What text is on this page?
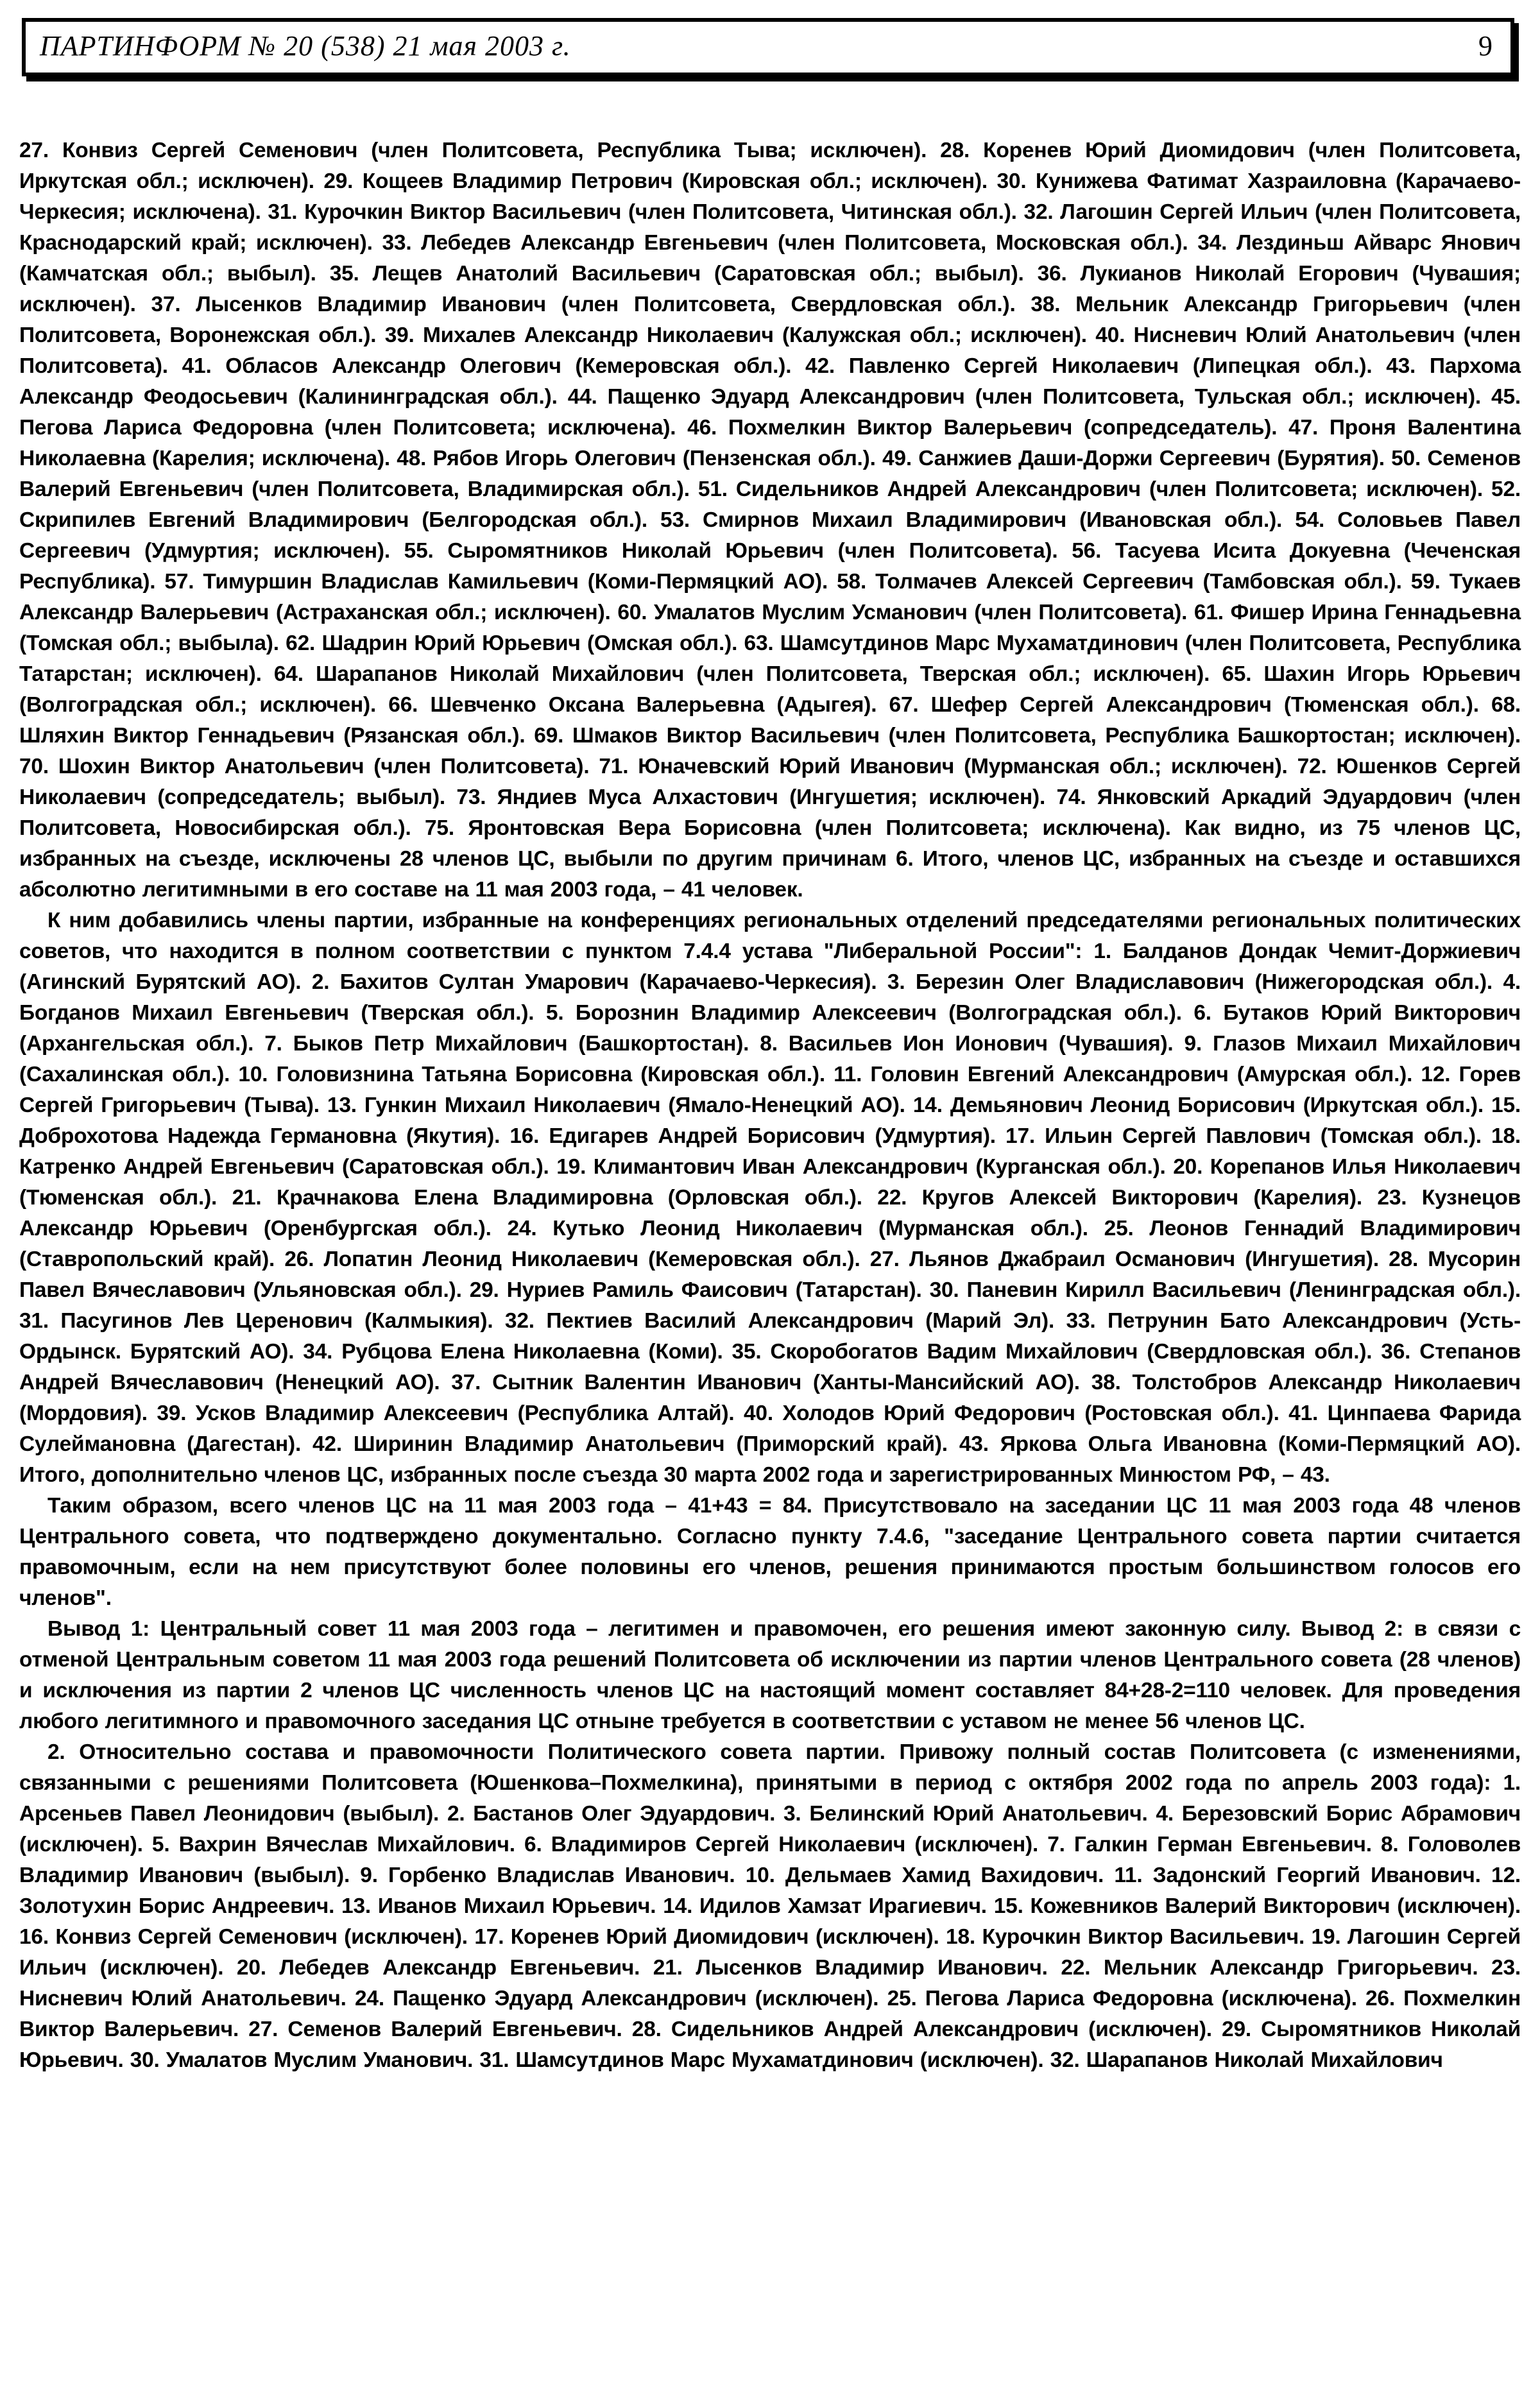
ПАРТИНФОРМ № 20 (538) 21 мая 2003 г.	9

27. Конвиз Сергей Семенович (член Политсовета, Республика Тыва; исключен). 28. Коренев Юрий Диомидович (член Политсовета, Иркутская обл.; исключен). 29. Кощеев Владимир Петрович (Кировская обл.; исключен). 30. Кунижева Фатимат Хазраиловна (Карачаево-Черкесия; исключена). 31. Курочкин Виктор Васильевич (член Политсовета, Читинская обл.). 32. Лагошин Сергей Ильич (член Политсовета, Краснодарский край; исключен). 33. Лебедев Александр Евгеньевич (член Политсовета, Московская обл.). 34. Лездиньш Айварс Янович (Камчатская обл.; выбыл). 35. Лещев Анатолий Васильевич (Саратовская обл.; выбыл). 36. Лукианов Николай Егорович (Чувашия; исключен). 37. Лысенков Владимир Иванович (член Политсовета, Свердловская обл.). 38. Мельник Александр Григорьевич (член Политсовета, Воронежская обл.). 39. Михалев Александр Николаевич (Калужская обл.; исключен). 40. Нисневич Юлий Анатольевич (член Политсовета). 41. Обласов Александр Олегович (Кемеровская обл.). 42. Павленко Сергей Николаевич (Липецкая обл.). 43. Пархома Александр Феодосьевич (Калининградская обл.). 44. Пащенко Эдуард Александрович (член Политсовета, Тульская обл.; исключен). 45. Пегова Лариса Федоровна (член Политсовета; исключена). 46. Похмелкин Виктор Валерьевич (сопредседатель). 47. Проня Валентина Николаевна (Карелия; исключена). 48. Рябов Игорь Олегович (Пензенская обл.). 49. Санжиев Даши-Доржи Сергеевич (Бурятия). 50. Семенов Валерий Евгеньевич (член Политсовета, Владимирская обл.). 51. Сидельников Андрей Александрович (член Политсовета; исключен). 52. Скрипилев Евгений Владимирович (Белгородская обл.). 53. Смирнов Михаил Владимирович (Ивановская обл.). 54. Соловьев Павел Сергеевич (Удмуртия; исключен). 55. Сыромятников Николай Юрьевич (член Политсовета). 56. Тасуева Исита Докуевна (Чеченская Республика). 57. Тимуршин Владислав Камильевич (Коми-Пермяцкий АО). 58. Толмачев Алексей Сергеевич (Тамбовская обл.). 59. Тукаев Александр Валерьевич (Астраханская обл.; исключен). 60. Умалатов Муслим Усманович (член Политсовета). 61. Фишер Ирина Геннадьевна (Томская обл.; выбыла). 62. Шадрин Юрий Юрьевич (Омская обл.). 63. Шамсутдинов Марс Мухаматдинович (член Политсовета, Республика Татарстан; исключен). 64. Шарапанов Николай Михайлович (член Политсовета, Тверская обл.; исключен). 65. Шахин Игорь Юрьевич (Волгоградская обл.; исключен). 66. Шевченко Оксана Валерьевна (Адыгея). 67. Шефер Сергей Александрович (Тюменская обл.). 68. Шляхин Виктор Геннадьевич (Рязанская обл.). 69. Шмаков Виктор Васильевич (член Политсовета, Республика Башкортостан; исключен). 70. Шохин Виктор Анатольевич (член Политсовета). 71. Юначевский Юрий Иванович (Мурманская обл.; исключен). 72. Юшенков Сергей Николаевич (сопредседатель; выбыл). 73. Яндиев Муса Алхастович (Ингушетия; исключен). 74. Янковский Аркадий Эдуардович (член Политсовета, Новосибирская обл.). 75. Яронтовская Вера Борисовна (член Политсовета; исключена). Как видно, из 75 членов ЦС, избранных на съезде, исключены 28 членов ЦС, выбыли по другим причинам 6. Итого, членов ЦС, избранных на съезде и оставшихся абсолютно легитимными в его составе на 11 мая 2003 года, – 41 человек.

К ним добавились члены партии, избранные на конференциях региональных отделений председателями региональных политических советов, что находится в полном соответствии с пунктом 7.4.4 устава "Либеральной России": 1. Балданов Дондак Чемит-Доржиевич (Агинский Бурятский АО). 2. Бахитов Султан Умарович (Карачаево-Черкесия). 3. Березин Олег Владиславович (Нижегородская обл.). 4. Богданов Михаил Евгеньевич (Тверская обл.). 5. Борознин Владимир Алексеевич (Волгоградская обл.). 6. Бутаков Юрий Викторович (Архангельская обл.). 7. Быков Петр Михайлович (Башкортостан). 8. Васильев Ион Ионович (Чувашия). 9. Глазов Михаил Михайлович (Сахалинская обл.). 10. Головизнина Татьяна Борисовна (Кировская обл.). 11. Головин Евгений Александрович (Амурская обл.). 12. Горев Сергей Григорьевич (Тыва). 13. Гункин Михаил Николаевич (Ямало-Ненецкий АО). 14. Демьянович Леонид Борисович (Иркутская обл.). 15. Доброхотова Надежда Германовна (Якутия). 16. Едигарев Андрей Борисович (Удмуртия). 17. Ильин Сергей Павлович (Томская обл.). 18. Катренко Андрей Евгеньевич (Саратовская обл.). 19. Климантович Иван Александрович (Курганская обл.). 20. Корепанов Илья Николаевич (Тюменская обл.). 21. Крачнакова Елена Владимировна (Орловская обл.). 22. Кругов Алексей Викторович (Карелия). 23. Кузнецов Александр Юрьевич (Оренбургская обл.). 24. Кутько Леонид Николаевич (Мурманская обл.). 25. Леонов Геннадий Владимирович (Ставропольский край). 26. Лопатин Леонид Николаевич (Кемеровская обл.). 27. Льянов Джабраил Османович (Ингушетия). 28. Мусорин Павел Вячеславович (Ульяновская обл.). 29. Нуриев Рамиль Фаисович (Татарстан). 30. Паневин Кирилл Васильевич (Ленинградская обл.). 31. Пасугинов Лев Церенович (Калмыкия). 32. Пектиев Василий Александрович (Марий Эл). 33. Петрунин Бато Александрович (Усть-Ордынск. Бурятский АО). 34. Рубцова Елена Николаевна (Коми). 35. Скоробогатов Вадим Михайлович (Свердловская обл.). 36. Степанов Андрей Вячеславович (Ненецкий АО). 37. Сытник Валентин Иванович (Ханты-Мансийский АО). 38. Толстобров Александр Николаевич (Мордовия). 39. Усков Владимир Алексеевич (Республика Алтай). 40. Холодов Юрий Федорович (Ростовская обл.). 41. Цинпаева Фарида Сулеймановна (Дагестан). 42. Ширинин Владимир Анатольевич (Приморский край). 43. Яркова Ольга Ивановна (Коми-Пермяцкий АО). Итого, дополнительно членов ЦС, избранных после съезда 30 марта 2002 года и зарегистрированных Минюстом РФ, – 43.

Таким образом, всего членов ЦС на 11 мая 2003 года – 41+43 = 84. Присутствовало на заседании ЦС 11 мая 2003 года 48 членов Центрального совета, что подтверждено документально. Согласно пункту 7.4.6, "заседание Центрального совета партии считается правомочным, если на нем присутствуют более половины его членов, решения принимаются простым большинством голосов его членов".

Вывод 1: Центральный совет 11 мая 2003 года – легитимен и правомочен, его решения имеют законную силу. Вывод 2: в связи с отменой Центральным советом 11 мая 2003 года решений Политсовета об исключении из партии членов Центрального совета (28 членов) и исключения из партии 2 членов ЦС численность членов ЦС на настоящий момент составляет 84+28-2=110 человек. Для проведения любого легитимного и правомочного заседания ЦС отныне требуется в соответствии с уставом не менее 56 членов ЦС.

2. Относительно состава и правомочности Политического совета партии. Привожу полный состав Политсовета (с изменениями, связанными с решениями Политсовета (Юшенкова–Похмелкина), принятыми в период с октября 2002 года по апрель 2003 года): 1. Арсеньев Павел Леонидович (выбыл). 2. Бастанов Олег Эдуардович. 3. Белинский Юрий Анатольевич. 4. Березовский Борис Абрамович (исключен). 5. Вахрин Вячеслав Михайлович. 6. Владимиров Сергей Николаевич (исключен). 7. Галкин Герман Евгеньевич. 8. Головолев Владимир Иванович (выбыл). 9. Горбенко Владислав Иванович. 10. Дельмаев Хамид Вахидович. 11. Задонский Георгий Иванович. 12. Золотухин Борис Андреевич. 13. Иванов Михаил Юрьевич. 14. Идилов Хамзат Ирагиевич. 15. Кожевников Валерий Викторович (исключен). 16. Конвиз Сергей Семенович (исключен). 17. Коренев Юрий Диомидович (исключен). 18. Курочкин Виктор Васильевич. 19. Лагошин Сергей Ильич (исключен). 20. Лебедев Александр Евгеньевич. 21. Лысенков Владимир Иванович. 22. Мельник Александр Григорьевич. 23. Нисневич Юлий Анатольевич. 24. Пащенко Эдуард Александрович (исключен). 25. Пегова Лариса Федоровна (исключена). 26. Похмелкин Виктор Валерьевич. 27. Семенов Валерий Евгеньевич. 28. Сидельников Андрей Александрович (исключен). 29. Сыромятников Николай Юрьевич. 30. Умалатов Муслим Уманович. 31. Шамсутдинов Марс Мухаматдинович (исключен). 32. Шарапанов Николай Михайлович
